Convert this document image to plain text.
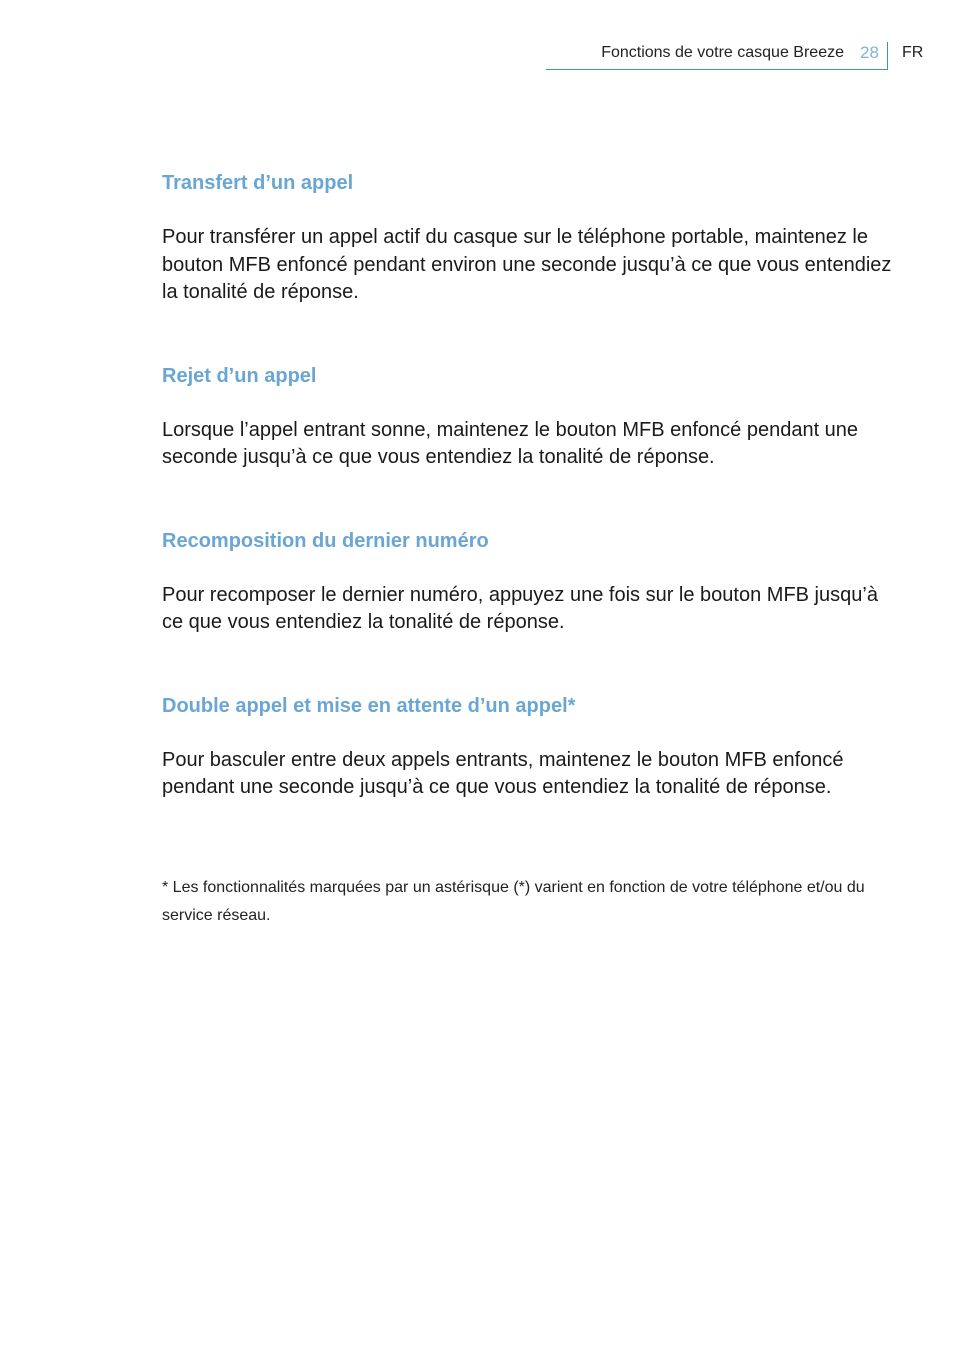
Fonctions de votre casque Breeze 28 FR
Transfert d’un appel

Pour transférer un appel actif du casque sur le téléphone portable, maintenez le bouton MFB enfoncé pendant environ une seconde jusqu’à ce que vous entendiez la tonalité de réponse.

Rejet d’un appel

Lorsque l’appel entrant sonne, maintenez le bouton MFB enfoncé pendant une seconde jusqu’à ce que vous entendiez la tonalité de réponse.

Recomposition du dernier numéro

Pour recomposer le dernier numéro, appuyez une fois sur le bouton MFB jusqu’à ce que vous entendiez la tonalité de réponse.

Double appel et mise en attente d’un appel*

Pour basculer entre deux appels entrants, maintenez le bouton MFB enfoncé pendant une seconde jusqu’à ce que vous entendiez la tonalité de réponse.

* Les fonctionnalités marquées par un astérisque (*) varient en fonction de votre téléphone et/ou du service réseau.
